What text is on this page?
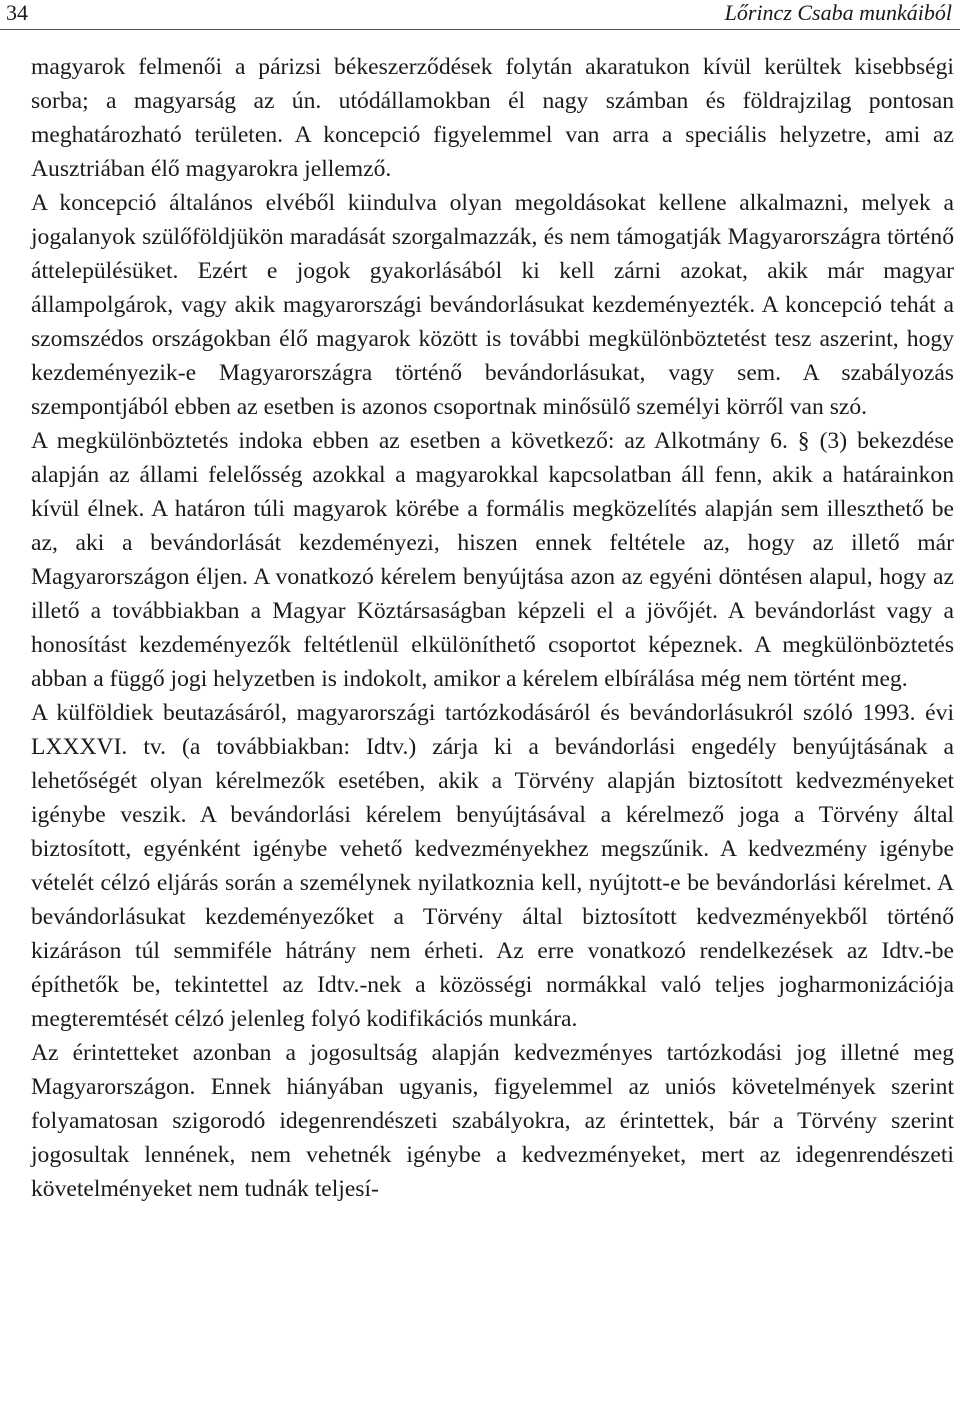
34	Lőrincz Csaba munkáiból

magyarok felmenői a párizsi békeszerződések folytán akaratukon kívül kerültek kisebbségi sorba; a magyarság az ún. utódállamokban él nagy számban és földrajzilag pontosan meghatározható területen. A koncepció figyelemmel van arra a speciális helyzetre, ami az Ausztriában élő magyarokra jellemző.

A koncepció általános elvéből kiindulva olyan megoldásokat kellene alkalmazni, melyek a jogalanyok szülőföldjükön maradását szorgalmazzák, és nem támogatják Magyarországra történő áttelepülésüket. Ezért e jogok gyakorlásából ki kell zárni azokat, akik már magyar állampolgárok, vagy akik magyarországi bevándorlásukat kezdeményezték. A koncepció tehát a szomszédos országokban élő magyarok között is további megkülönböztetést tesz aszerint, hogy kezdeményezik-e Magyarországra történő bevándorlásukat, vagy sem. A szabályozás szempontjából ebben az esetben is azonos csoportnak minősülő személyi körről van szó.

A megkülönböztetés indoka ebben az esetben a következő: az Alkotmány 6. § (3) bekezdése alapján az állami felelősség azokkal a magyarokkal kapcsolatban áll fenn, akik a határainkon kívül élnek. A határon túli magyarok körébe a formális megközelítés alapján sem illeszthető be az, aki a bevándorlását kezdeményezi, hiszen ennek feltétele az, hogy az illető már Magyarországon éljen. A vonatkozó kérelem benyújtása azon az egyéni döntésen alapul, hogy az illető a továbbiakban a Magyar Köztársaságban képzeli el a jövőjét. A bevándorlást vagy a honosítást kezdeményezők feltétlenül elkülöníthető csoportot képeznek. A megkülönböztetés abban a függő jogi helyzetben is indokolt, amikor a kérelem elbírálása még nem történt meg.

A külföldiek beutazásáról, magyarországi tartózkodásáról és bevándorlásukról szóló 1993. évi LXXXVI. tv. (a továbbiakban: Idtv.) zárja ki a bevándorlási engedély benyújtásának a lehetőségét olyan kérelmezők esetében, akik a Törvény alapján biztosított kedvezményeket igénybe veszik. A bevándorlási kérelem benyújtásával a kérelmező joga a Törvény által biztosított, egyénként igénybe vehető kedvezményekhez megszűnik. A kedvezmény igénybe vételét célzó eljárás során a személynek nyilatkoznia kell, nyújtott-e be bevándorlási kérelmet. A bevándorlásukat kezdeményezőket a Törvény által biztosított kedvezményekből történő kizáráson túl semmiféle hátrány nem érheti. Az erre vonatkozó rendelkezések az Idtv.-be építhetők be, tekintettel az Idtv.-nek a közösségi normákkal való teljes jogharmonizációja megteremtését célzó jelenleg folyó kodifikációs munkára.

Az érintetteket azonban a jogosultság alapján kedvezményes tartózkodási jog illetné meg Magyarországon. Ennek hiányában ugyanis, figyelemmel az uniós követelmények szerint folyamatosan szigorodó idegenrendészeti szabályokra, az érintettek, bár a Törvény szerint jogosultak lennének, nem vehetnék igénybe a kedvezményeket, mert az idegenrendészeti követelményeket nem tudnák teljesí-
